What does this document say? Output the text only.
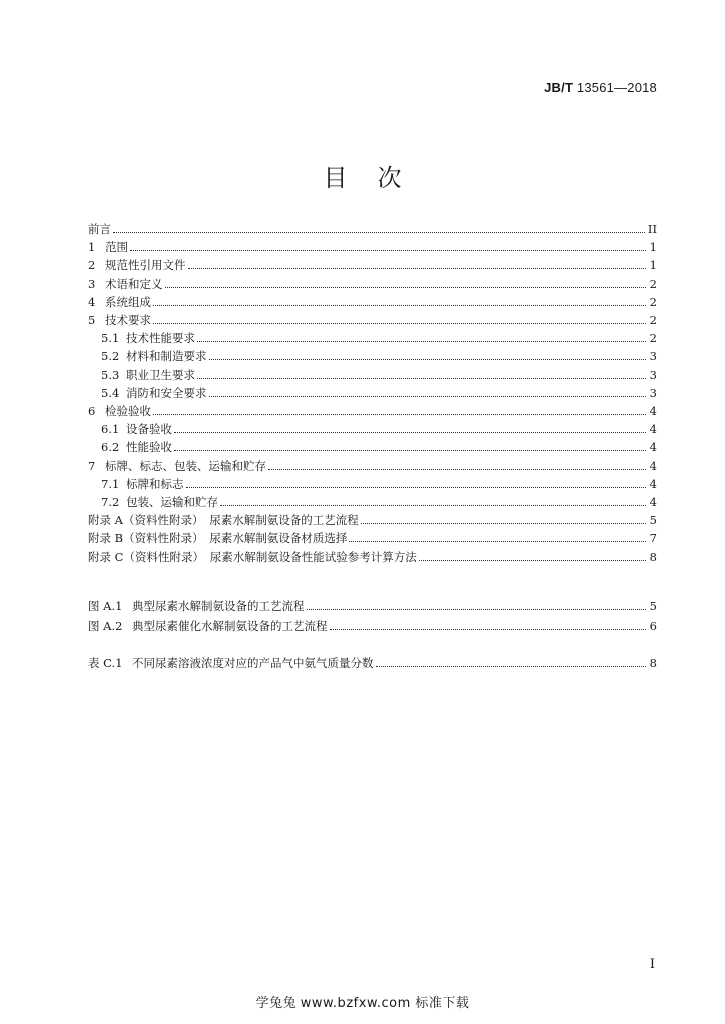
JB/T 13561—2018
目次
前言	II
1 范围	1
2 规范性引用文件	1
3 术语和定义	2
4 系统组成	2
5 技术要求	2
5.1 技术性能要求	2
5.2 材料和制造要求	3
5.3 职业卫生要求	3
5.4 消防和安全要求	3
6 检验验收	4
6.1 设备验收	4
6.2 性能验收	4
7 标牌、标志、包装、运输和贮存	4
7.1 标牌和标志	4
7.2 包装、运输和贮存	4
附录 A（资料性附录）　尿素水解制氨设备的工艺流程	5
附录 B（资料性附录）　尿素水解制氨设备材质选择	7
附录 C（资料性附录）　尿素水解制氨设备性能试验参考计算方法	8
图 A.1 典型尿素水解制氨设备的工艺流程	5
图 A.2 典型尿素催化水解制氨设备的工艺流程	6
表 C.1 不同尿素溶液浓度对应的产品气中氨气质量分数	8
I
学兔兔 www.bzfxw.com 标准下载
